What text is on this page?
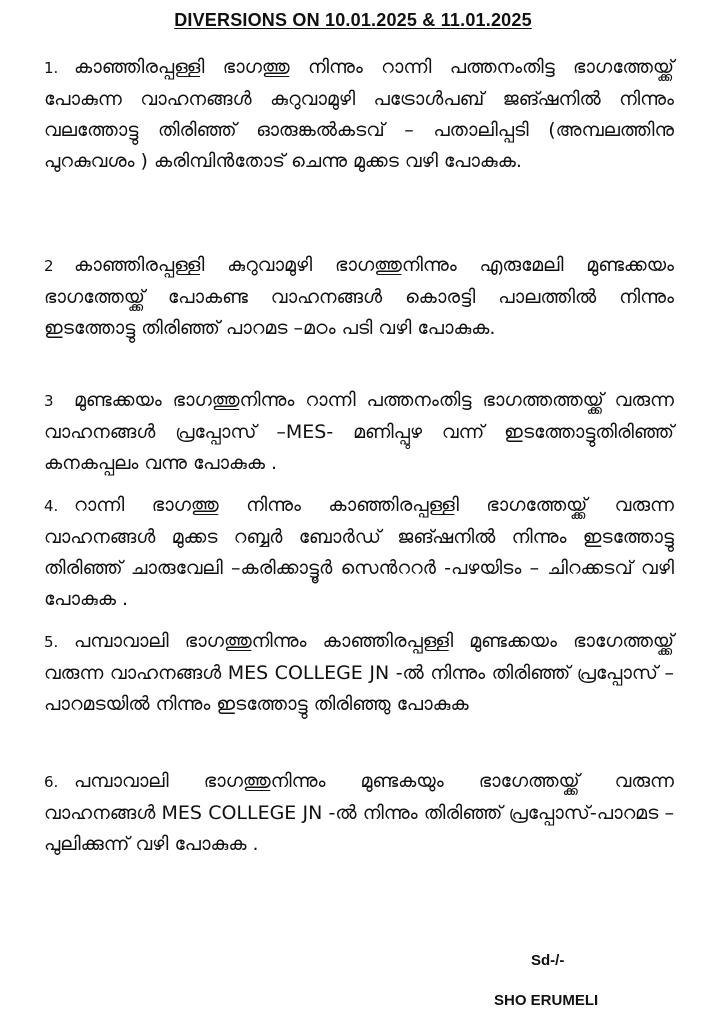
DIVERSIONS ON 10.01.2025 & 11.01.2025
1. കാഞ്ഞിരപ്പള്ളി ഭാഗത്തു നിന്നും റാന്നി പത്തനംതിട്ട ഭാഗത്തേയ്ക്ക് പോകുന്ന വാഹനങ്ങൾ കുറുവാമുഴി പട്രോൾപബ് ജങ്ഷനിൽ നിന്നും വലത്തോട്ടു തിരിഞ്ഞ് ഓരുങ്കൽകടവ് – പതാലിപ്പടി (അമ്പലത്തിനു പുറകുവശം ) കരിമ്പിൻതോട് ചെന്നു മുക്കട വഴി പോകുക.
2 കാഞ്ഞിരപ്പള്ളി കുറുവാമുഴി ഭാഗത്തുനിന്നും എരുമേലി മുണ്ടക്കയം ഭാഗത്തേയ്ക്ക് പോകണ്ട വാഹനങ്ങൾ കൊരട്ടി പാലത്തിൽ നിന്നും ഇടത്തോട്ടു തിരിഞ്ഞ് പാറമട –മഠം പടി വഴി പോകുക.
3 മുണ്ടക്കയം ഭാഗത്തുനിന്നും റാന്നി പത്തനംതിട്ട ഭാഗത്തത്തയ്ക്ക് വരുന്ന വാഹനങ്ങൾ പ്രപ്പോസ് –MES- മണിപ്പുഴ വന്ന് ഇടത്തോട്ടുതിരിഞ്ഞ് കനകപ്പലം വന്നു പോകുക .
4. റാന്നി ഭാഗത്തു നിന്നും കാഞ്ഞിരപ്പള്ളി ഭാഗത്തേയ്ക്ക് വരുന്ന വാഹനങ്ങൾ മുക്കട റബ്ബർ ബോർഡ് ജങ്ഷനിൽ നിന്നും ഇടത്തോട്ടു തിരിഞ്ഞ് ചാരുവേലി –കരിക്കാട്ടൂർ സെൻററർ -പഴയിടം – ചിറക്കടവ് വഴി പോകുക .
5. പമ്പാവാലി ഭാഗത്തുനിന്നും കാഞ്ഞിരപ്പള്ളി മുണ്ടക്കയം ഭാഗേത്തയ്ക്ക് വരുന്ന വാഹനങ്ങൾ MES COLLEGE JN -ൽ നിന്നും തിരിഞ്ഞ് പ്രപ്പോസ് –പാറമടയിൽ നിന്നും ഇടത്തോട്ടു തിരിഞ്ഞു പോകുക
6. പമ്പാവാലി ഭാഗത്തുനിന്നും മുണ്ടകയും ഭാഗേത്തയ്ക്ക് വരുന്ന വാഹനങ്ങൾ MES COLLEGE JN -ൽ നിന്നും തിരിഞ്ഞ് പ്രപ്പോസ്-പാറമട –പുലിക്കുന്ന് വഴി പോകുക .
Sd-/-
SHO ERUMELI
